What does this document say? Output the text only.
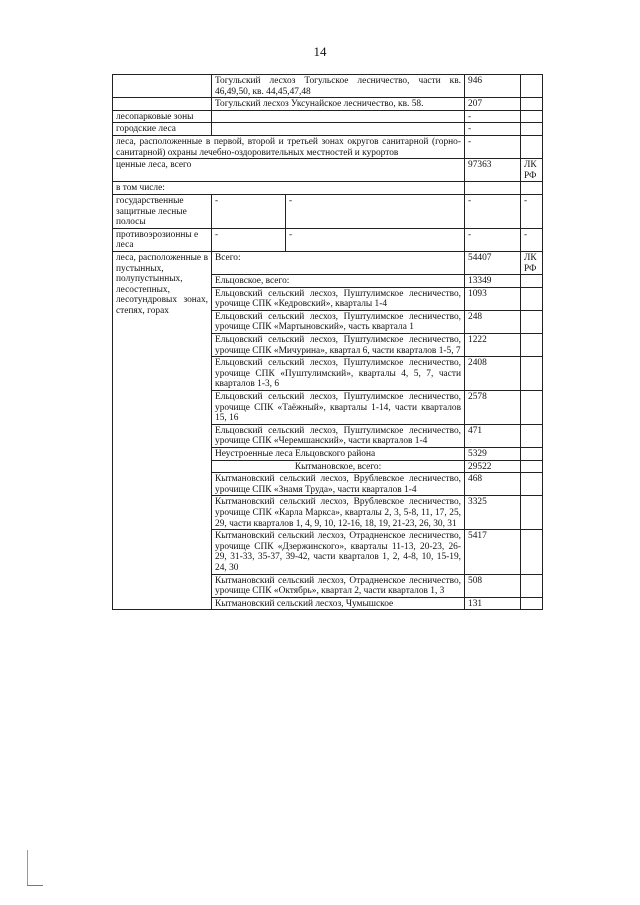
14
	Тогульский лесхоз Тогульское лесничество, части кв. 46,49,50, кв. 44,45,47,48		946	
	Тогульский лесхоз Уксунайское лесничество, кв. 58.		207	
лесопарковые зоны			-	
городские леса			-	
леса, расположенные в первой, второй и третьей зонах округов санитарной (горно-санитарной) охраны лечебно-оздоровительных местностей и курортов			-	
ценные леса, всего			97363	ЛК РФ
в том числе:				
государственные защитные лесные полосы	-	-	-	-
противоэрозионны е леса	-	-	-	-
леса, расположенные в пустынных, полупустынных, лесостепных, лесотундровых зонах, степях, горах	Всего:		54407	ЛК РФ
	Ельцовское, всего:		13349	
	Ельцовский сельский лесхоз, Пуштулимское лесничество, урочище СПК «Кедровский», кварталы 1-4		1093	
	Ельцовский сельский лесхоз, Пуштулимское лесничество, урочище СПК «Мартыновский», часть квартала 1		248	
	Ельцовский сельский лесхоз, Пуштулимское лесничество, урочище СПК «Мичурина», квартал 6, части кварталов 1-5, 7		1222	
	Ельцовский сельский лесхоз, Пуштулимское лесничество, урочище СПК «Пуштулимский», кварталы 4, 5, 7, части кварталов 1-3, 6		2408	
	Ельцовский сельский лесхоз, Пуштулимское лесничество, урочище СПК «Таёжный», кварталы 1-14, части кварталов 15, 16		2578	
	Ельцовский сельский лесхоз, Пуштулимское лесничество, урочище СПК «Черемшанский», части кварталов 1-4		471	
	Неустроенные леса Ельцовского района		5329	
	Кытмановское, всего:		29522	
	Кытмановский сельский лесхоз, Врублевское лесничество, урочище СПК «Знамя Труда», части кварталов 1-4		468	
	Кытмановский сельский лесхоз, Врублевское лесничество, урочище СПК «Карла Маркса», кварталы 2, 3, 5-8, 11, 17, 25, 29, части кварталов 1, 4, 9, 10, 12-16, 18, 19, 21-23, 26, 30, 31		3325	
	Кытмановский сельский лесхоз, Отрадненское лесничество, урочище СПК «Дзержинского», кварталы 11-13, 20-23, 26-29, 31-33, 35-37, 39-42, части кварталов 1, 2, 4-8, 10, 15-19, 24, 30		5417	
	Кытмановский сельский лесхоз, Отрадненское лесничество, урочище СПК «Октябрь», квартал 2, части кварталов 1, 3		508	
	Кытмановский сельский лесхоз, Чумышское		131	
